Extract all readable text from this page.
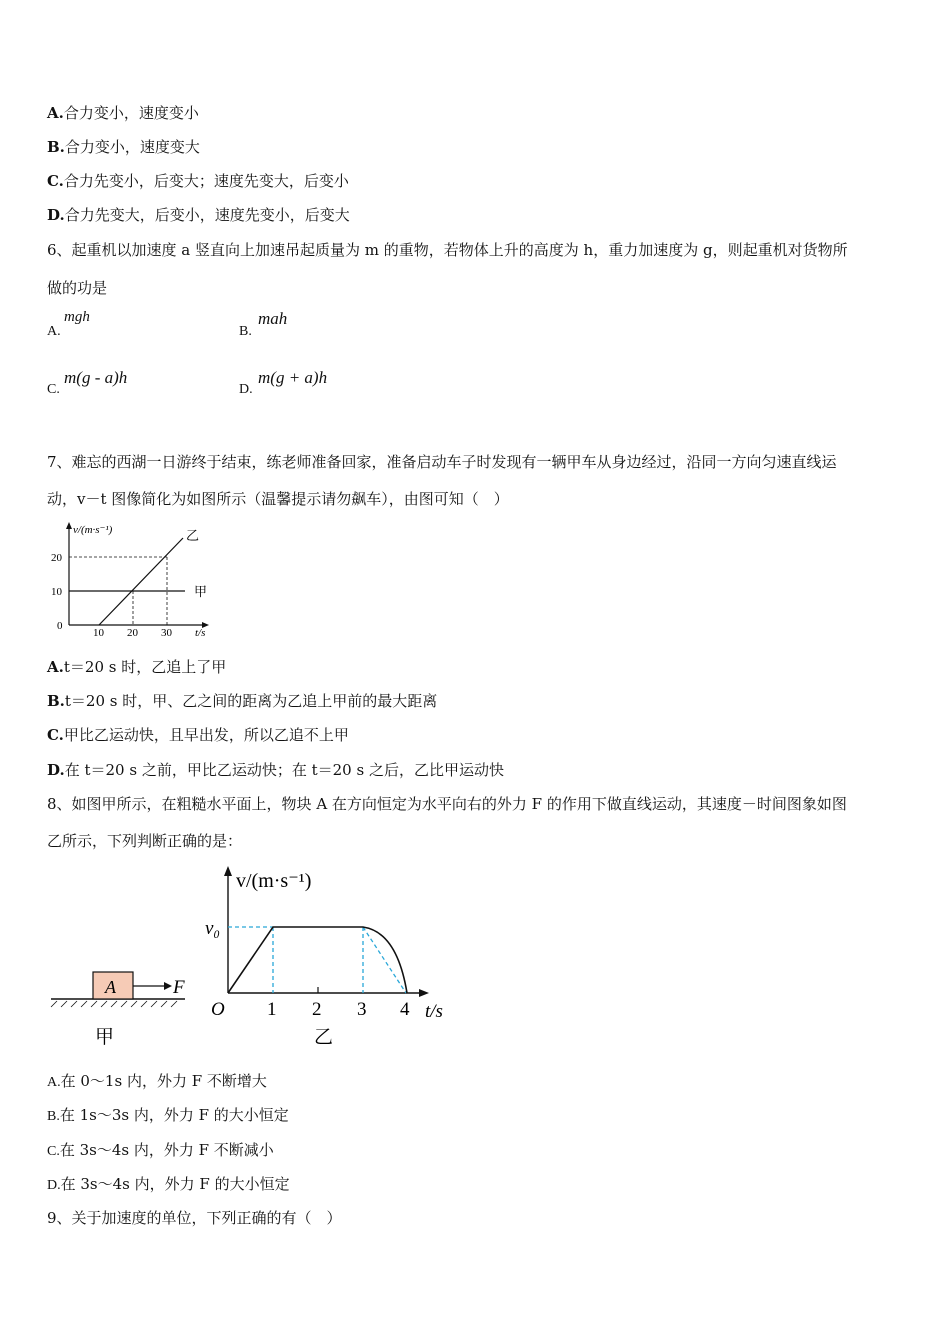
A.合力变小，速度变小
B.合力变小，速度变大
C.合力先变小，后变大；速度先变大，后变小
D.合力先变大，后变小，速度先变小，后变大
6、起重机以加速度 a 竖直向上加速吊起质量为 m 的重物，若物体上升的高度为 h，重力加速度为 g，则起重机对货物所
做的功是
A.
mgh
B.
mah
C.
m(g - a)h
D.
m(g + a)h
7、难忘的西湖一日游终于结束，练老师准备回家，准备启动车子时发现有一辆甲车从身边经过，沿同一方向匀速直线运
动，v－t 图像简化为如图所示（温馨提示请勿飙车），由图可知（　）
v/(m·s⁻¹)
20
10
0
10 20 30 t/s
乙
甲
A.t＝20 s 时，乙追上了甲
B.t＝20 s 时，甲、乙之间的距离为乙追上甲前的最大距离
C.甲比乙运动快，且早出发，所以乙追不上甲
D.在 t＝20 s 之前，甲比乙运动快；在 t＝20 s 之后，乙比甲运动快
8、如图甲所示，在粗糙水平面上，物块 A 在方向恒定为水平向右的外力 F 的作用下做直线运动，其速度－时间图象如图
乙所示，下列判断正确的是：
A	F
甲
v/(m·s⁻¹)
v₀
O 1 2 3 4 t/s
乙
A.在 0～1s 内，外力 F 不断增大
B.在 1s～3s 内，外力 F 的大小恒定
C.在 3s～4s 内，外力 F 不断减小
D.在 3s～4s 内，外力 F 的大小恒定
9、关于加速度的单位，下列正确的有（　）
